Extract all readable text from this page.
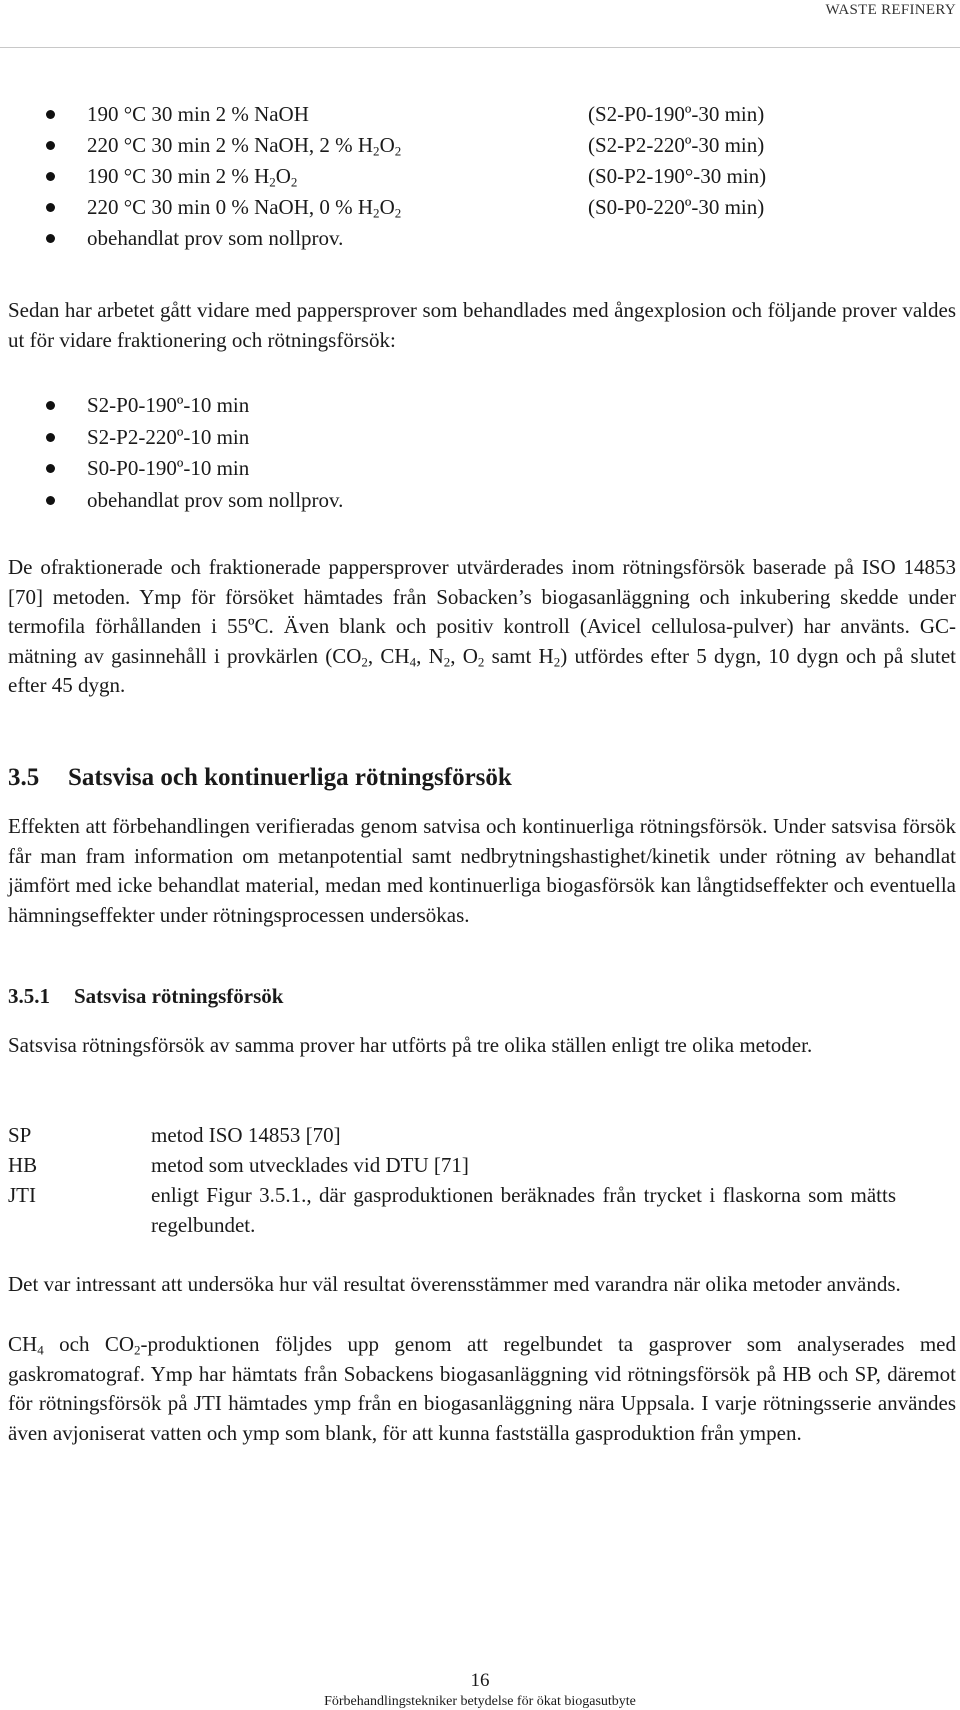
WASTE REFINERY
190 °C 30 min 2 % NaOH	(S2-P0-190º-30 min)
220 °C 30 min 2 % NaOH, 2 % $H_2O_2$	(S2-P2-220º-30 min)
190 °C 30 min 2 % $H_2O_2$	(S0-P2-190°-30 min)
220 °C 30 min 0 % NaOH, 0 % $H_2O_2$	(S0-P0-220º-30 min)
obehandlat prov som nollprov.

Sedan har arbetet gått vidare med pappersprover som behandlades med ångexplosion och följande prover valdes ut för vidare fraktionering och rötningsförsök:

S2-P0-190º-10 min
S2-P2-220º-10 min
S0-P0-190º-10 min
obehandlat prov som nollprov.

De ofraktionerade och fraktionerade pappersprover utvärderades inom rötningsförsök baserade på ISO 14853 [70] metoden. Ymp för försöket hämtades från Sobacken’s biogasanläggning och inkubering skedde under termofila förhållanden i 55ºC. Även blank och positiv kontroll (Avicel cellulosa-pulver) har använts. GC-mätning av gasinnehåll i provkärlen ($CO_2$, $CH_4$, $N_2$, $O_2$ samt $H_2$) utfördes efter 5 dygn, 10 dygn och på slutet efter 45 dygn.

3.5 Satsvisa och kontinuerliga rötningsförsök

Effekten att förbehandlingen verifieradas genom satvisa och kontinuerliga rötningsförsök. Under satsvisa försök får man fram information om metanpotential samt nedbrytningshastighet/kinetik under rötning av behandlat jämfört med icke behandlat material, medan med kontinuerliga biogasförsök kan långtidseffekter och eventuella hämningseffekter under rötningsprocessen undersökas.

3.5.1 Satsvisa rötningsförsök

Satsvisa rötningsförsök av samma prover har utförts på tre olika ställen enligt tre olika metoder.

SP	metod ISO 14853 [70]
HB	metod som utvecklades vid DTU [71]
JTI	enligt Figur 3.5.1., där gasproduktionen beräknades från trycket i flaskorna som mätts regelbundet.

Det var intressant att undersöka hur väl resultat överensstämmer med varandra när olika metoder används.

$CH_4$ och $CO_2$-produktionen följdes upp genom att regelbundet ta gasprover som analyserades med gaskromatograf. Ymp har hämtats från Sobackens biogasanläggning vid rötningsförsök på HB och SP, däremot för rötningsförsök på JTI hämtades ymp från en biogasanläggning nära Uppsala. I varje rötningsserie användes även avjoniserat vatten och ymp som blank, för att kunna fastställa gasproduktion från ympen.

16
Förbehandlingstekniker betydelse för ökat biogasutbyte
